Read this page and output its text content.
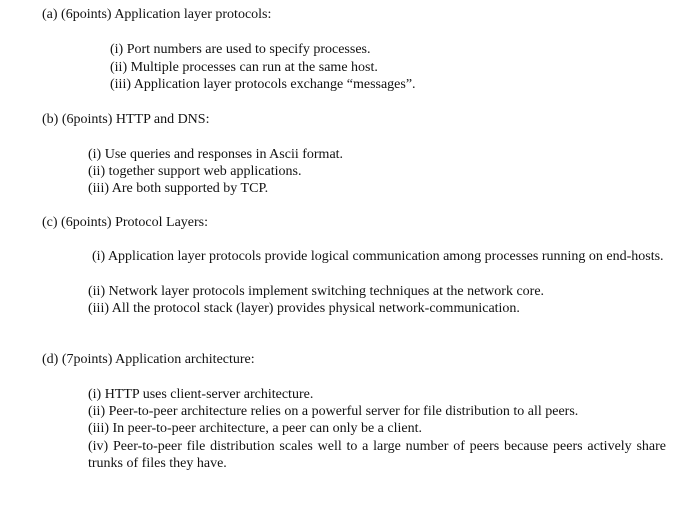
(a) (6points) Application layer protocols:
(i) Port numbers are used to specify processes.
(ii) Multiple processes can run at the same host.
(iii) Application layer protocols exchange “messages”.
(b) (6points) HTTP and DNS:
(i) Use queries and responses in Ascii format.
(ii) together support web applications.
(iii) Are both supported by TCP.
(c) (6points) Protocol Layers:
(i) Application layer protocols provide logical communication among processes running on end-hosts.
(ii) Network layer protocols implement switching techniques at the network core.
(iii) All the protocol stack (layer) provides physical network-communication.
(d) (7points) Application architecture:
(i) HTTP uses client-server architecture.
(ii) Peer-to-peer architecture relies on a powerful server for file distribution to all peers.
(iii) In peer-to-peer architecture, a peer can only be a client.
(iv) Peer-to-peer file distribution scales well to a large number of peers because peers actively share trunks of files they have.
